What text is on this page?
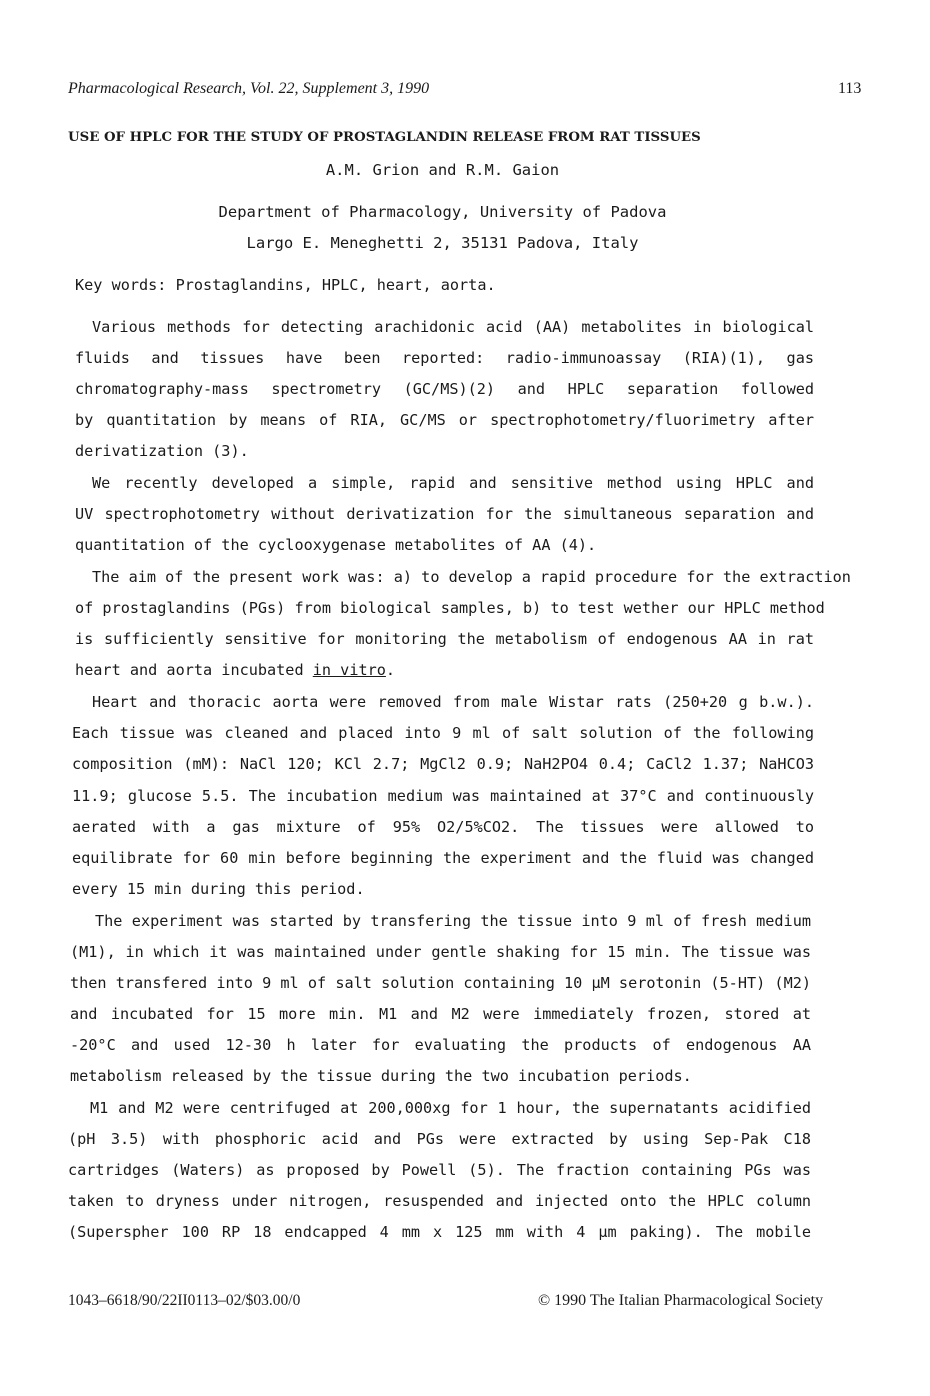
Pharmacological Research, Vol. 22, Supplement 3, 1990	113
USE OF HPLC FOR THE STUDY OF PROSTAGLANDIN RELEASE FROM RAT TISSUES
A.M. Grion and R.M. Gaion
Department of Pharmacology, University of Padova
Largo E. Meneghetti 2, 35131 Padova, Italy
Key words: Prostaglandins, HPLC, heart, aorta.
Various methods for detecting arachidonic acid (AA) metabolites in biological
fluids and tissues have been reported: radio-immunoassay (RIA)(1), gas
chromatography-mass spectrometry (GC/MS)(2) and HPLC separation followed
by quantitation by means of RIA, GC/MS or spectrophotometry/fluorimetry after
derivatization (3).
We recently developed a simple, rapid and sensitive method using HPLC and
UV spectrophotometry without derivatization for the simultaneous separation and
quantitation of the cyclooxygenase metabolites of AA (4).
The aim of the present work was: a) to develop a rapid procedure for the extraction
of prostaglandins (PGs) from biological samples, b) to test wether our HPLC method
is sufficiently sensitive for monitoring the metabolism of endogenous AA in rat
heart and aorta incubated in vitro.
Heart and thoracic aorta were removed from male Wistar rats (250+20 g b.w.).
Each tissue was cleaned and placed into 9 ml of salt solution of the following
composition (mM): NaCl 120; KCl 2.7; MgCl2 0.9; NaH2PO4 0.4; CaCl2 1.37; NaHCO3
11.9; glucose 5.5. The incubation medium was maintained at 37°C and continuously
aerated with a gas mixture of 95% O2/5%CO2. The tissues were allowed to
equilibrate for 60 min before beginning the experiment and the fluid was changed
every 15 min during this period.
The experiment was started by transfering the tissue into 9 ml of fresh medium
(M1), in which it was maintained under gentle shaking for 15 min. The tissue was
then transfered into 9 ml of salt solution containing 10 µM serotonin (5-HT) (M2)
and incubated for 15 more min. M1 and M2 were immediately frozen, stored at
-20°C and used 12-30 h later for evaluating the products of endogenous AA
metabolism released by the tissue during the two incubation periods.
M1 and M2 were centrifuged at 200,000xg for 1 hour, the supernatants acidified
(pH 3.5) with phosphoric acid and PGs were extracted by using Sep-Pak C18
cartridges (Waters) as proposed by Powell (5). The fraction containing PGs was
taken to dryness under nitrogen, resuspended and injected onto the HPLC column
(Superspher 100 RP 18 endcapped 4 mm x 125 mm with 4 µm paking). The mobile
1043–6618/90/22II0113–02/$03.00/0	© 1990 The Italian Pharmacological Society
